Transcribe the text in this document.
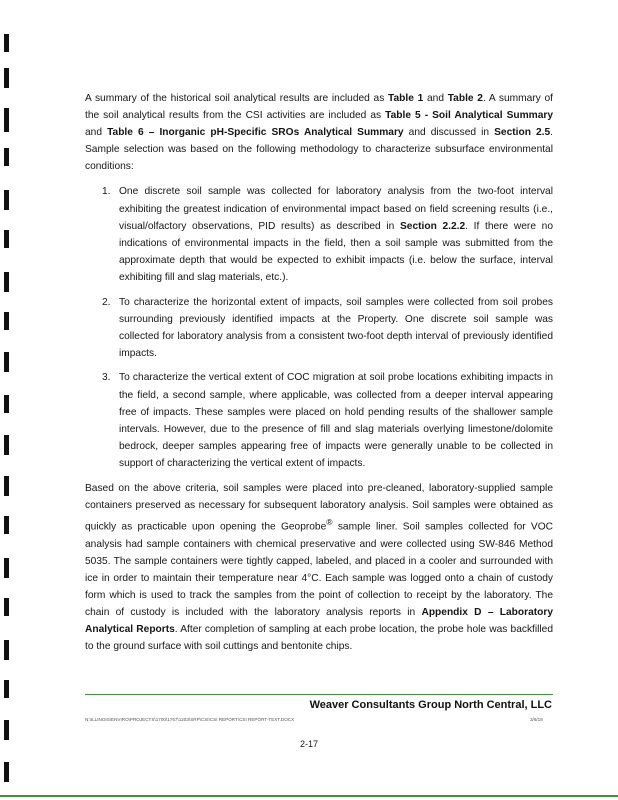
A summary of the historical soil analytical results are included as Table 1 and Table 2. A summary of the soil analytical results from the CSI activities are included as Table 5 - Soil Analytical Summary and Table 6 – Inorganic pH-Specific SROs Analytical Summary and discussed in Section 2.5. Sample selection was based on the following methodology to characterize subsurface environmental conditions:

1. One discrete soil sample was collected for laboratory analysis from the two-foot interval exhibiting the greatest indication of environmental impact based on field screening results (i.e., visual/olfactory observations, PID results) as described in Section 2.2.2. If there were no indications of environmental impacts in the field, then a soil sample was submitted from the approximate depth that would be expected to exhibit impacts (i.e. below the surface, interval exhibiting fill and slag materials, etc.).
2. To characterize the horizontal extent of impacts, soil samples were collected from soil probes surrounding previously identified impacts at the Property. One discrete soil sample was collected for laboratory analysis from a consistent two-foot depth interval of previously identified impacts.
3. To characterize the vertical extent of COC migration at soil probe locations exhibiting impacts in the field, a second sample, where applicable, was collected from a deeper interval appearing free of impacts. These samples were placed on hold pending results of the shallower sample intervals. However, due to the presence of fill and slag materials overlying limestone/dolomite bedrock, deeper samples appearing free of impacts were generally unable to be collected in support of characterizing the vertical extent of impacts.

Based on the above criteria, soil samples were placed into pre-cleaned, laboratory-supplied sample containers preserved as necessary for subsequent laboratory analysis. Soil samples were obtained as quickly as practicable upon opening the Geoprobe® sample liner. Soil samples collected for VOC analysis had sample containers with chemical preservative and were collected using SW-846 Method 5035. The sample containers were tightly capped, labeled, and placed in a cooler and surrounded with ice in order to maintain their temperature near 4°C. Each sample was logged onto a chain of custody form which is used to track the samples from the point of collection to receipt by the laboratory. The chain of custody is included with the laboratory analysis reports in Appendix D – Laboratory Analytical Reports. After completion of sampling at each probe location, the probe hole was backfilled to the ground surface with soil cuttings and bentonite chips.

Weaver Consultants Group North Central, LLC
N:\ILLINOIS\ENVIRO\PROJECTS\1700\1767\1203\SRP\CSI\CSI REPORT\CSI REPORT-TEXT.DOCX	3/8/18
2-17
